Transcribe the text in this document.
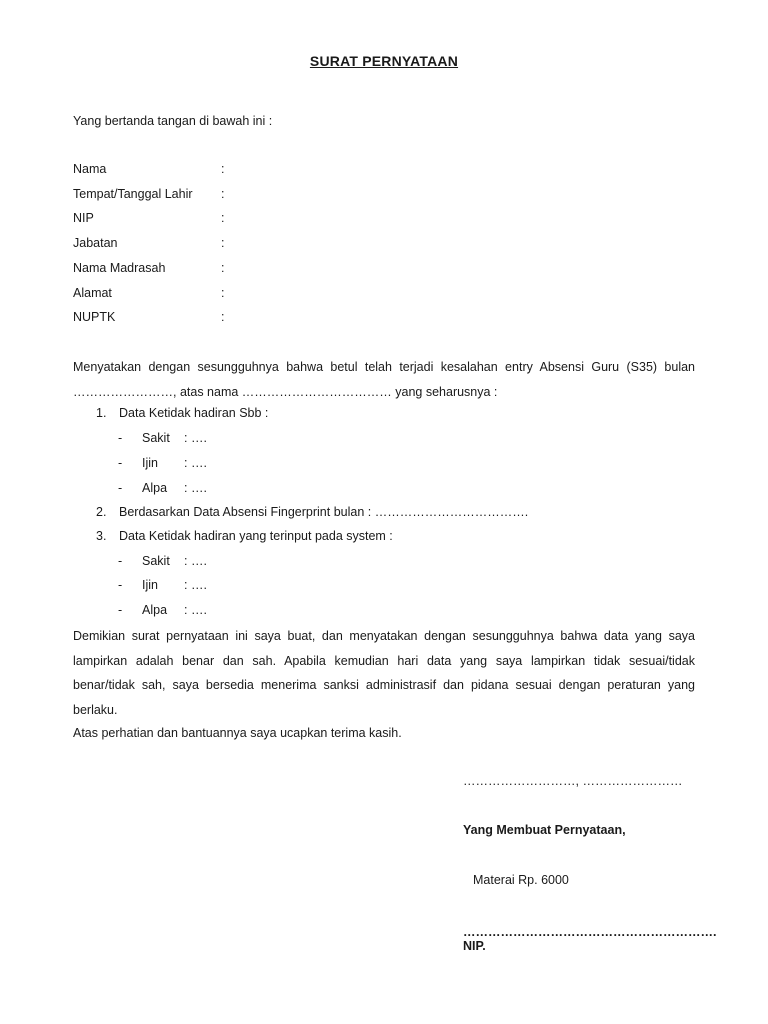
SURAT PERNYATAAN
Yang bertanda tangan di bawah ini :
Nama	:
Tempat/Tanggal Lahir :
NIP	:
Jabatan	:
Nama Madrasah	:
Alamat	:
NUPTK	:
Menyatakan dengan sesungguhnya bahwa betul telah terjadi kesalahan entry Absensi Guru (S35) bulan
……………………, atas nama ……………………………… yang seharusnya :
1. Data Ketidak hadiran Sbb :
- Sakit : ….
- Ijin : ….
- Alpa : ….
2. Berdasarkan Data Absensi Fingerprint bulan : ……………………………….
3. Data Ketidak hadiran yang terinput pada system :
- Sakit : ….
- Ijin : ….
- Alpa : ….
Demikian surat pernyataan ini saya buat, dan menyatakan dengan sesungguhnya bahwa data yang saya
lampirkan adalah benar dan sah. Apabila kemudian hari data yang saya lampirkan tidak sesuai/tidak
benar/tidak sah, saya bersedia menerima sanksi administrasif dan pidana sesuai dengan peraturan yang
berlaku.
Atas perhatian dan bantuannya saya ucapkan terima kasih.
………………………, ……………………
Yang Membuat Pernyataan,
Materai Rp. 6000
…………………………………………………….
NIP.
